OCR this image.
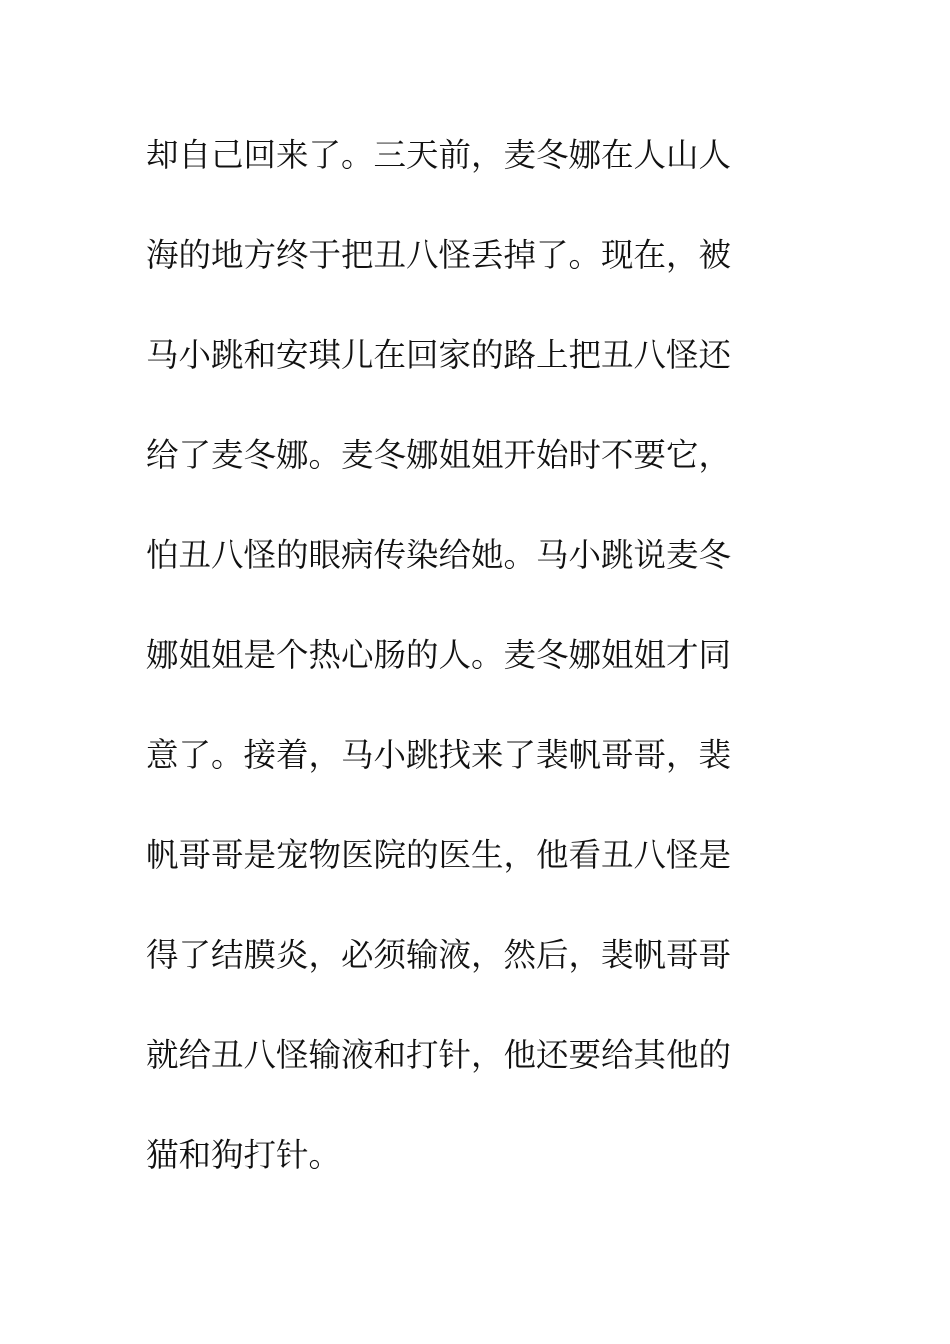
却自己回来了。三天前，麦冬娜在人山人
海的地方终于把丑八怪丢掉了。现在，被
马小跳和安琪儿在回家的路上把丑八怪还
给了麦冬娜。麦冬娜姐姐开始时不要它，
怕丑八怪的眼病传染给她。马小跳说麦冬
娜姐姐是个热心肠的人。麦冬娜姐姐才同
意了。接着，马小跳找来了裴帆哥哥，裴
帆哥哥是宠物医院的医生，他看丑八怪是
得了结膜炎，必须输液，然后，裴帆哥哥
就给丑八怪输液和打针，他还要给其他的
猫和狗打针。
